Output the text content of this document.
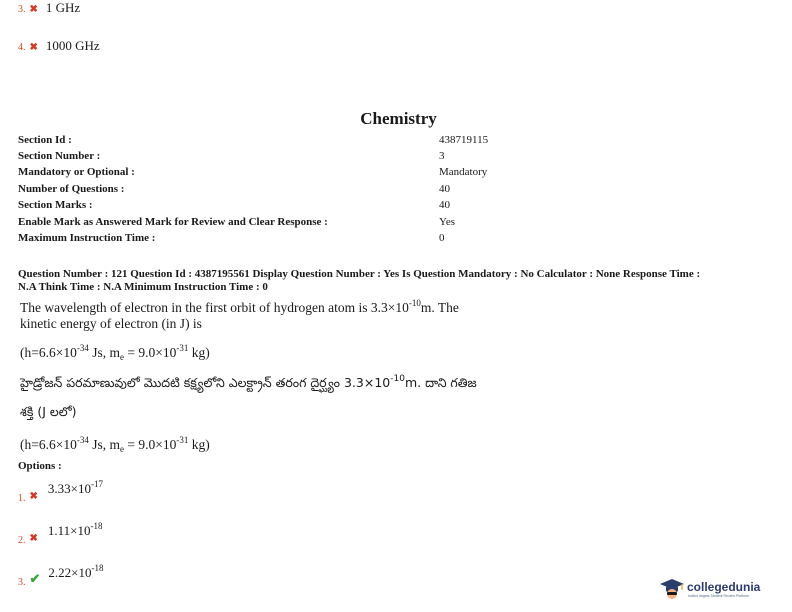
3. ✖ 1 GHz
4. ✖ 1000 GHz
Chemistry
Section Id :	438719115
Section Number :	3
Mandatory or Optional :	Mandatory
Number of Questions :	40
Section Marks :	40
Enable Mark as Answered Mark for Review and Clear Response :	Yes
Maximum Instruction Time :	0
Question Number : 121 Question Id : 4387195561 Display Question Number : Yes Is Question Mandatory : No Calculator : None Response Time :
N.A Think Time : N.A Minimum Instruction Time : 0
The wavelength of electron in the first orbit of hydrogen atom is $3.3\times 10^{-10}m$. The
kinetic energy of electron (in J) is
($h=6.6\times 10^{-34}$ Js, $m_e = 9.0\times 10^{-31}$ kg)
హైడ్రోజన్ పరమాణువులో మొదటి కక్ష్యలోని ఎలక్ట్రాన్ తరంగ దైర్ఘ్యం $3.3\times 10^{-10}m$. దాని గతిజ
శక్తి (J లలో)
($h=6.6\times 10^{-34}$ Js, $m_e = 9.0\times 10^{-31}$ kg)
Options :
$_{1.}$ $_✖$ $3.33\times 10^{-17}$
$_{2.}$ $_✖$ $1.11\times 10^{-18}$
$_{3.}$ $_✔$ $2.22\times 10^{-18}$
collegedunia
India's largest Student Review Platform
